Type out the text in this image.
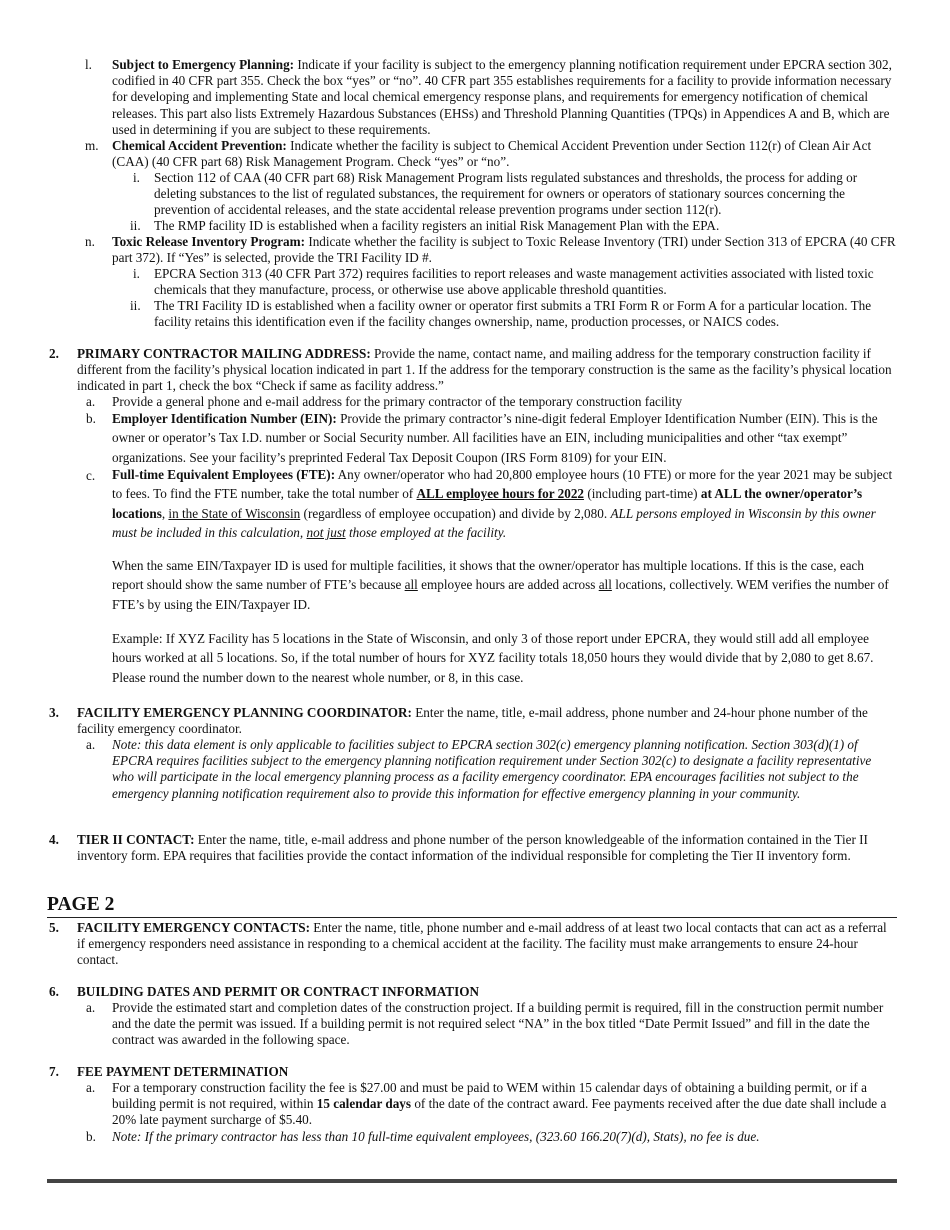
l. Subject to Emergency Planning: Indicate if your facility is subject to the emergency planning notification requirement under EPCRA section 302, codified in 40 CFR part 355. Check the box “yes” or “no”. 40 CFR part 355 establishes requirements for a facility to provide information necessary for developing and implementing State and local chemical emergency response plans, and requirements for emergency notification of chemical releases. This part also lists Extremely Hazardous Substances (EHSs) and Threshold Planning Quantities (TPQs) in Appendices A and B, which are used in determining if you are subject to these requirements.
m. Chemical Accident Prevention: Indicate whether the facility is subject to Chemical Accident Prevention under Section 112(r) of Clean Air Act (CAA) (40 CFR part 68) Risk Management Program. Check “yes” or “no”.
i. Section 112 of CAA (40 CFR part 68) Risk Management Program lists regulated substances and thresholds, the process for adding or deleting substances to the list of regulated substances, the requirement for owners or operators of stationary sources concerning the prevention of accidental releases, and the state accidental release prevention programs under section 112(r).
ii. The RMP facility ID is established when a facility registers an initial Risk Management Plan with the EPA.
n. Toxic Release Inventory Program: Indicate whether the facility is subject to Toxic Release Inventory (TRI) under Section 313 of EPCRA (40 CFR part 372). If “Yes” is selected, provide the TRI Facility ID #.
i. EPCRA Section 313 (40 CFR Part 372) requires facilities to report releases and waste management activities associated with listed toxic chemicals that they manufacture, process, or otherwise use above applicable threshold quantities.
ii. The TRI Facility ID is established when a facility owner or operator first submits a TRI Form R or Form A for a particular location. The facility retains this identification even if the facility changes ownership, name, production processes, or NAICS codes.
2. PRIMARY CONTRACTOR MAILING ADDRESS: Provide the name, contact name, and mailing address for the temporary construction facility if different from the facility’s physical location indicated in part 1. If the address for the temporary construction is the same as the facility’s physical location indicated in part 1, check the box “Check if same as facility address.”
a. Provide a general phone and e-mail address for the primary contractor of the temporary construction facility
b. Employer Identification Number (EIN): Provide the primary contractor’s nine-digit federal Employer Identification Number (EIN). This is the owner or operator’s Tax I.D. number or Social Security number. All facilities have an EIN, including municipalities and other “tax exempt” organizations. See your facility’s preprinted Federal Tax Deposit Coupon (IRS Form 8109) for your EIN.
c. Full-time Equivalent Employees (FTE): Any owner/operator who had 20,800 employee hours (10 FTE) or more for the year 2021 may be subject to fees. To find the FTE number, take the total number of ALL employee hours for 2022 (including part-time) at ALL the owner/operator’s locations, in the State of Wisconsin (regardless of employee occupation) and divide by 2,080. ALL persons employed in Wisconsin by this owner must be included in this calculation, not just those employed at the facility.
When the same EIN/Taxpayer ID is used for multiple facilities, it shows that the owner/operator has multiple locations. If this is the case, each report should show the same number of FTE’s because all employee hours are added across all locations, collectively. WEM verifies the number of FTE’s by using the EIN/Taxpayer ID.
Example: If XYZ Facility has 5 locations in the State of Wisconsin, and only 3 of those report under EPCRA, they would still add all employee hours worked at all 5 locations. So, if the total number of hours for XYZ facility totals 18,050 hours they would divide that by 2,080 to get 8.67. Please round the number down to the nearest whole number, or 8, in this case.
3. FACILITY EMERGENCY PLANNING COORDINATOR: Enter the name, title, e-mail address, phone number and 24-hour phone number of the facility emergency coordinator.
a. Note: this data element is only applicable to facilities subject to EPCRA section 302(c) emergency planning notification. Section 303(d)(1) of EPCRA requires facilities subject to the emergency planning notification requirement under Section 302(c) to designate a facility representative who will participate in the local emergency planning process as a facility emergency coordinator. EPA encourages facilities not subject to the emergency planning notification requirement also to provide this information for effective emergency planning in your community.
4. TIER II CONTACT: Enter the name, title, e-mail address and phone number of the person knowledgeable of the information contained in the Tier II inventory form. EPA requires that facilities provide the contact information of the individual responsible for completing the Tier II inventory form.
PAGE 2
5. FACILITY EMERGENCY CONTACTS: Enter the name, title, phone number and e-mail address of at least two local contacts that can act as a referral if emergency responders need assistance in responding to a chemical accident at the facility. The facility must make arrangements to ensure 24-hour contact.
6. BUILDING DATES AND PERMIT OR CONTRACT INFORMATION
a. Provide the estimated start and completion dates of the construction project. If a building permit is required, fill in the construction permit number and the date the permit was issued. If a building permit is not required select “NA” in the box titled “Date Permit Issued” and fill in the date the contract was awarded in the following space.
7. FEE PAYMENT DETERMINATION
a. For a temporary construction facility the fee is $27.00 and must be paid to WEM within 15 calendar days of obtaining a building permit, or if a building permit is not required, within 15 calendar days of the date of the contract award. Fee payments received after the due date shall include a 20% late payment surcharge of $5.40.
b. Note: If the primary contractor has less than 10 full-time equivalent employees, (323.60 166.20(7)(d), Stats), no fee is due.
